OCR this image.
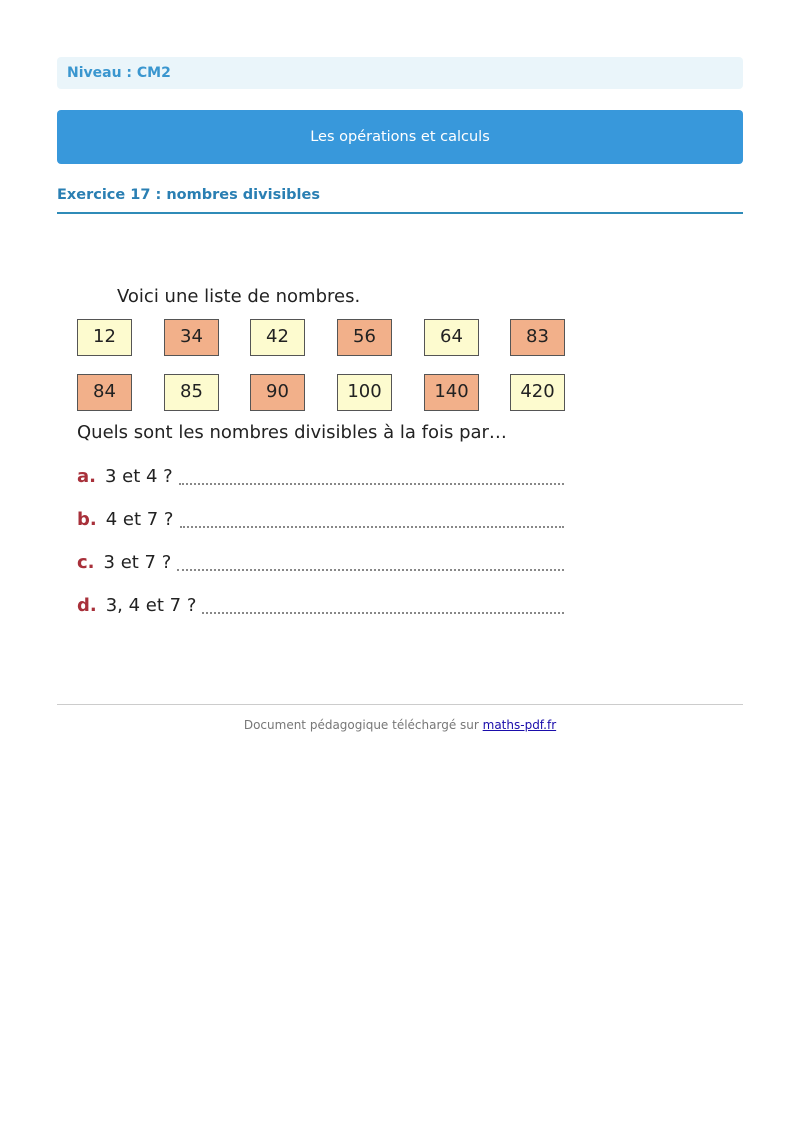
Niveau : CM2
Les opérations et calculs
Exercice 17 : nombres divisibles
Voici une liste de nombres.
12	34	42	56	64	83
84	85	90	100	140	420
Quels sont les nombres divisibles à la fois par…
a. 3 et 4 ?
b. 4 et 7 ?
c. 3 et 7 ?
d. 3, 4 et 7 ?
Document pédagogique téléchargé sur maths-pdf.fr
